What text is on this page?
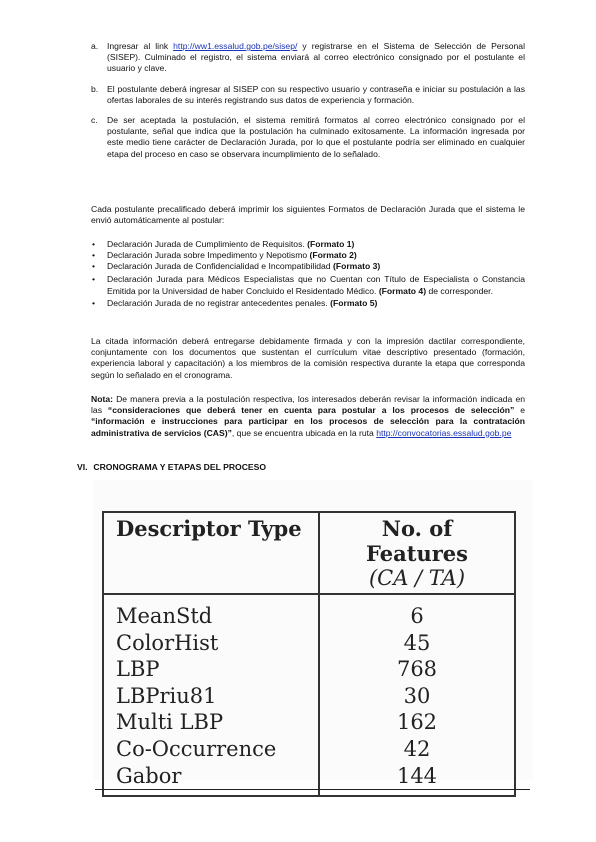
a. Ingresar al link http://ww1.essalud.gob.pe/sisep/ y registrarse en el Sistema de Selección de Personal (SISEP). Culminado el registro, el sistema enviará al correo electrónico consignado por el postulante el usuario y clave.
b. El postulante deberá ingresar al SISEP con su respectivo usuario y contraseña e iniciar su postulación a las ofertas laborales de su interés registrando sus datos de experiencia y formación.
c. De ser aceptada la postulación, el sistema remitirá formatos al correo electrónico consignado por el postulante, señal que indica que la postulación ha culminado exitosamente. La información ingresada por este medio tiene carácter de Declaración Jurada, por lo que el postulante podría ser eliminado en cualquier etapa del proceso en caso se observara incumplimiento de lo señalado.
Cada postulante precalificado deberá imprimir los siguientes Formatos de Declaración Jurada que el sistema le envió automáticamente al postular:
• Declaración Jurada de Cumplimiento de Requisitos. (Formato 1)
• Declaración Jurada sobre Impedimento y Nepotismo (Formato 2)
• Declaración Jurada de Confidencialidad e Incompatibilidad (Formato 3)
• Declaración Jurada para Médicos Especialistas que no Cuentan con Título de Especialista o Constancia Emitida por la Universidad de haber Concluido el Residentado Médico. (Formato 4) de corresponder.
• Declaración Jurada de no registrar antecedentes penales. (Formato 5)
La citada información deberá entregarse debidamente firmada y con la impresión dactilar correspondiente, conjuntamente con los documentos que sustentan el currículum vitae descriptivo presentado (formación, experiencia laboral y capacitación) a los miembros de la comisión respectiva durante la etapa que corresponda según lo señalado en el cronograma.
Nota: De manera previa a la postulación respectiva, los interesados deberán revisar la información indicada en las “consideraciones que deberá tener en cuenta para postular a los procesos de selección” e “información e instrucciones para participar en los procesos de selección para la contratación administrativa de servicios (CAS)”, que se encuentra ubicada en la ruta http://convocatorias.essalud.gob.pe
VI. CRONOGRAMA Y ETAPAS DEL PROCESO
Descriptor Type	No. of Features
(CA / TA)

MeanStd	6
ColorHist	45
LBP	768
LBPriu81	30
Multi LBP	162
Co-Occurrence	42
Gabor	144
